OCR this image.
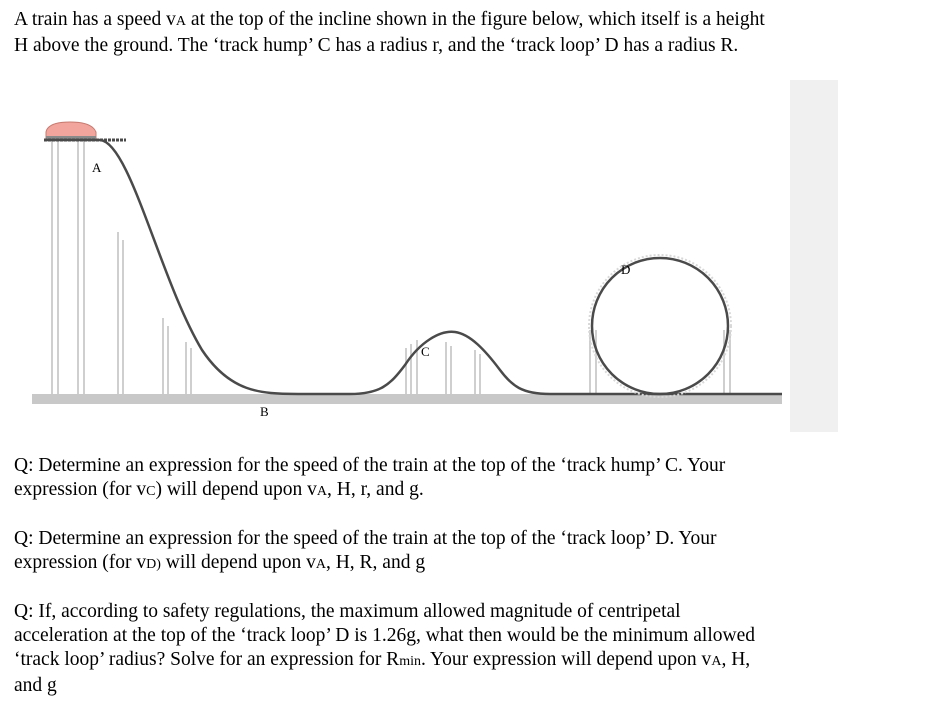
A train has a speed vA at the top of the incline shown in the figure below, which itself is a height
H above the ground. The ‘track hump’ C has a radius r, and the ‘track loop’ D has a radius R.
A
B
C
D
Q: Determine an expression for the speed of the train at the top of the ‘track hump’ C. Your
expression (for vC) will depend upon vA, H, r, and g.
Q: Determine an expression for the speed of the train at the top of the ‘track loop’ D. Your
expression (for vD) will depend upon vA, H, R, and g
Q: If, according to safety regulations, the maximum allowed magnitude of centripetal
acceleration at the top of the ‘track loop’ D is 1.26g, what then would be the minimum allowed
‘track loop’ radius? Solve for an expression for Rmin. Your expression will depend upon vA, H,
and g
